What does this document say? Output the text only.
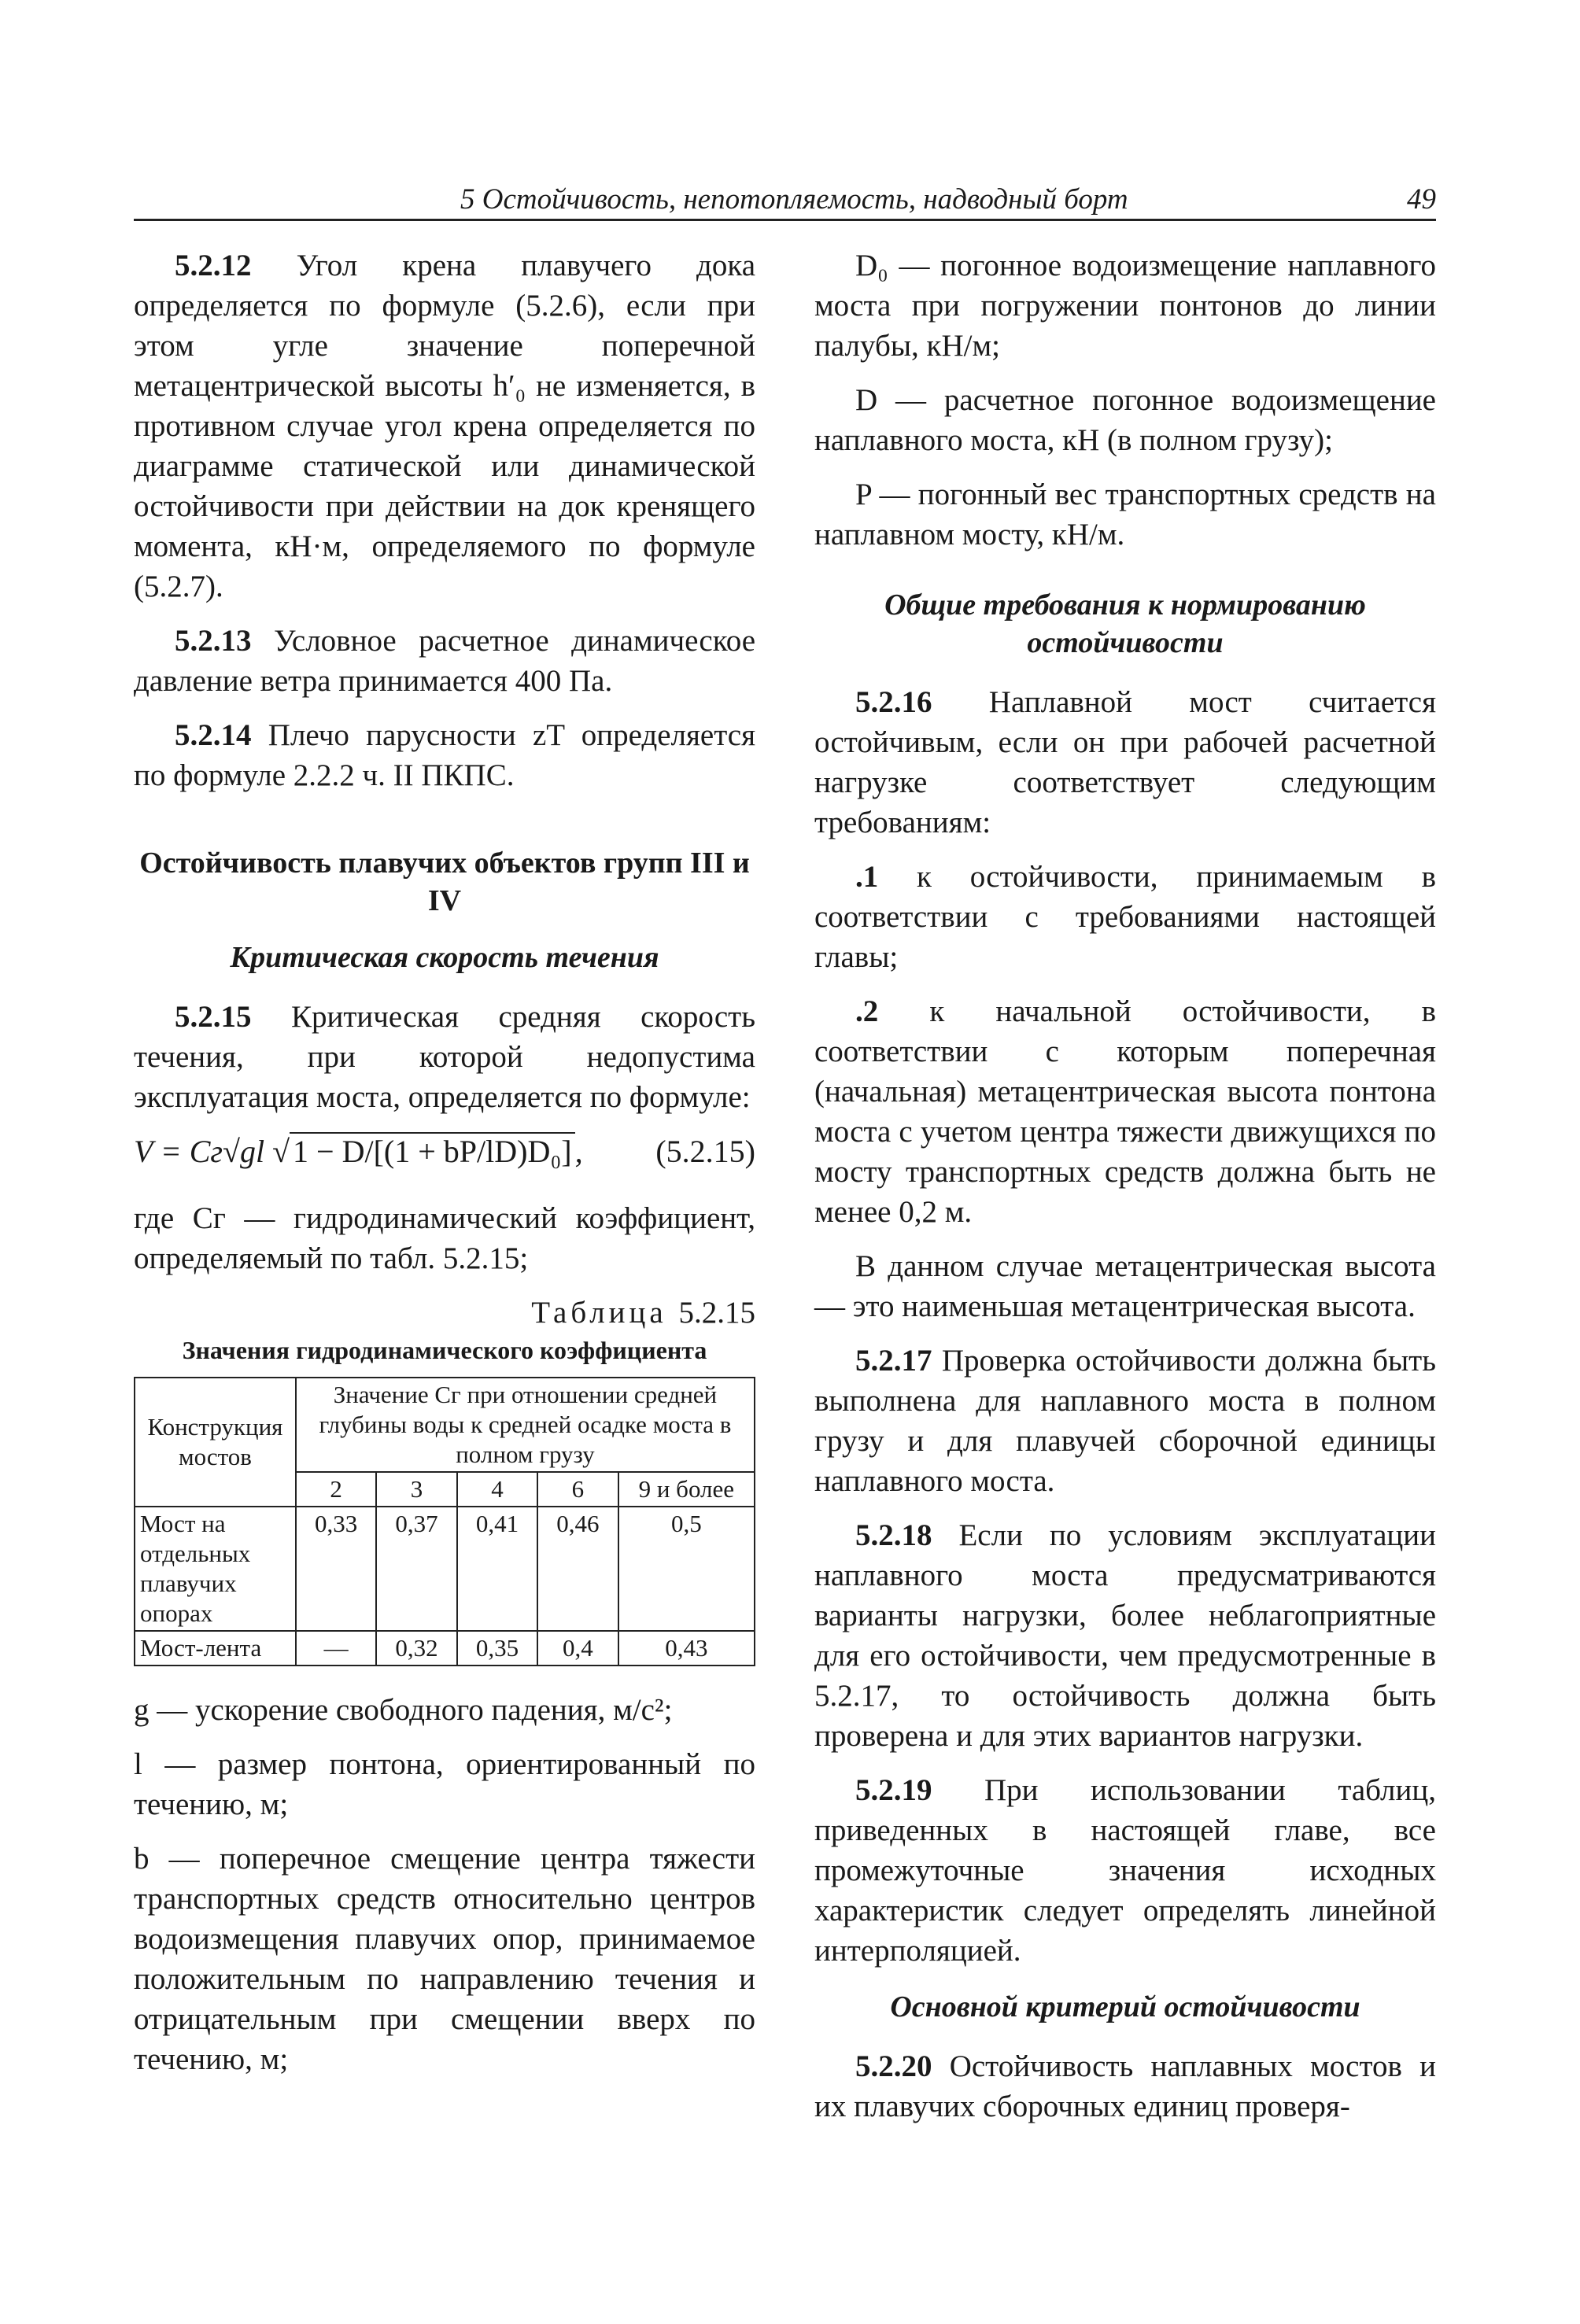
5 Остойчивость, непотопляемость, надводный борт	49

5.2.12 Угол крена плавучего дока определяется по формуле (5.2.6), если при этом угле значение поперечной метацентрической высоты h′₀ не изменяется, в противном случае угол крена определяется по диаграмме статической или динамической остойчивости при действии на док кренящего момента, кН·м, определяемого по формуле (5.2.7).

5.2.13 Условное расчетное динамическое давление ветра принимается 400 Па.

5.2.14 Плечо парусности zT определяется по формуле 2.2.2 ч. II ПКПС.

Остойчивость плавучих объектов групп III и IV
Критическая скорость течения

5.2.15 Критическая средняя скорость течения, при которой недопустима эксплуатация моста, определяется по формуле:

V = Cг√gl √ 1 − D/[(1 + bP/lD)D₀] , (5.2.15)

где Cг — гидродинамический коэффициент, определяемый по табл. 5.2.15;

Таблица 5.2.15
Значения гидродинамического коэффициента
Конструкция мостов	Значение Cг при отношении средней глубины воды к средней осадке моста в полном грузу				
	2	3	4	6	9 и более
Мост на отдельных плавучих опорах	0,33	0,37	0,41	0,46	0,5
Мост-лента	—	0,32	0,35	0,4	0,43

g — ускорение свободного падения, м/с²;

l — размер понтона, ориентированный по течению, м;

b — поперечное смещение центра тяжести транспортных средств относительно центров водоизмещения плавучих опор, принимаемое положительным по направлению течения и отрицательным при смещении вверх по течению, м;

D₀ — погонное водоизмещение наплавного моста при погружении понтонов до линии палубы, кН/м;

D — расчетное погонное водоизмещение наплавного моста, кН (в полном грузу);

P — погонный вес транспортных средств на наплавном мосту, кН/м.

Общие требования к нормированию остойчивости

5.2.16 Наплавной мост считается остойчивым, если он при рабочей расчетной нагрузке соответствует следующим требованиям:

.1 к остойчивости, принимаемым в соответствии с требованиями настоящей главы;

.2 к начальной остойчивости, в соответствии с которым поперечная (начальная) метацентрическая высота понтона моста с учетом центра тяжести движущихся по мосту транспортных средств должна быть не менее 0,2 м.

В данном случае метацентрическая высота — это наименьшая метацентрическая высота.

5.2.17 Проверка остойчивости должна быть выполнена для наплавного моста в полном грузу и для плавучей сборочной единицы наплавного моста.

5.2.18 Если по условиям эксплуатации наплавного моста предусматриваются варианты нагрузки, более неблагоприятные для его остойчивости, чем предусмотренные в 5.2.17, то остойчивость должна быть проверена и для этих вариантов нагрузки.

5.2.19 При использовании таблиц, приведенных в настоящей главе, все промежуточные значения исходных характеристик следует определять линейной интерполяцией.

Основной критерий остойчивости

5.2.20 Остойчивость наплавных мостов и их плавучих сборочных единиц проверя-
